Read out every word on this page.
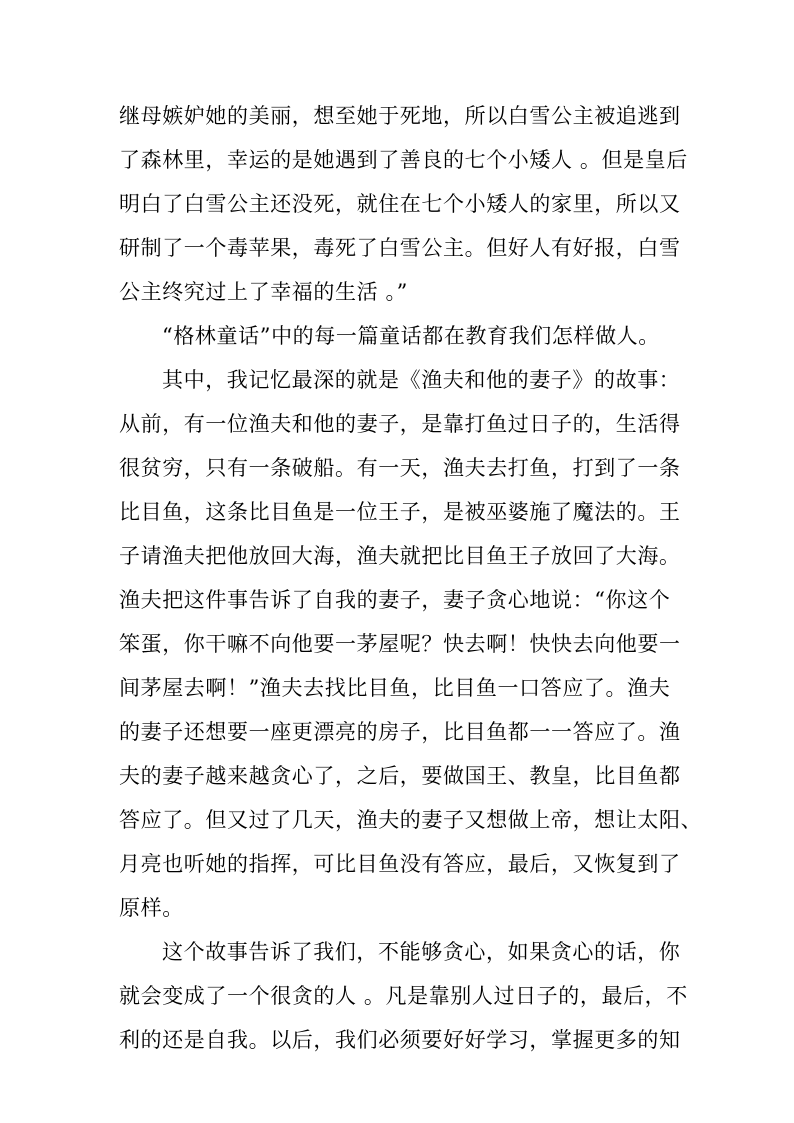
继母嫉妒她的美丽，想至她于死地，所以白雪公主被追逃到
了森林里，幸运的是她遇到了善良的七个小矮人 。但是皇后
明白了白雪公主还没死，就住在七个小矮人的家里，所以又
研制了一个毒苹果，毒死了白雪公主。但好人有好报，白雪
公主终究过上了幸福的生活 。”
“格林童话”中的每一篇童话都在教育我们怎样做人。
其中，我记忆最深的就是《渔夫和他的妻子》的故事：
从前，有一位渔夫和他的妻子，是靠打鱼过日子的，生活得
很贫穷，只有一条破船。有一天，渔夫去打鱼，打到了一条
比目鱼，这条比目鱼是一位王子，是被巫婆施了魔法的。王
子请渔夫把他放回大海，渔夫就把比目鱼王子放回了大海。
渔夫把这件事告诉了自我的妻子，妻子贪心地说：“你这个
笨蛋，你干嘛不向他要一茅屋呢？快去啊！快快去向他要一
间茅屋去啊！”渔夫去找比目鱼，比目鱼一口答应了。渔夫
的妻子还想要一座更漂亮的房子，比目鱼都一一答应了。渔
夫的妻子越来越贪心了，之后，要做国王、教皇，比目鱼都
答应了。但又过了几天，渔夫的妻子又想做上帝，想让太阳、
月亮也听她的指挥，可比目鱼没有答应，最后，又恢复到了
原样。
这个故事告诉了我们，不能够贪心，如果贪心的话，你
就会变成了一个很贪的人 。凡是靠别人过日子的，最后，不
利的还是自我。以后，我们必须要好好学习，掌握更多的知
